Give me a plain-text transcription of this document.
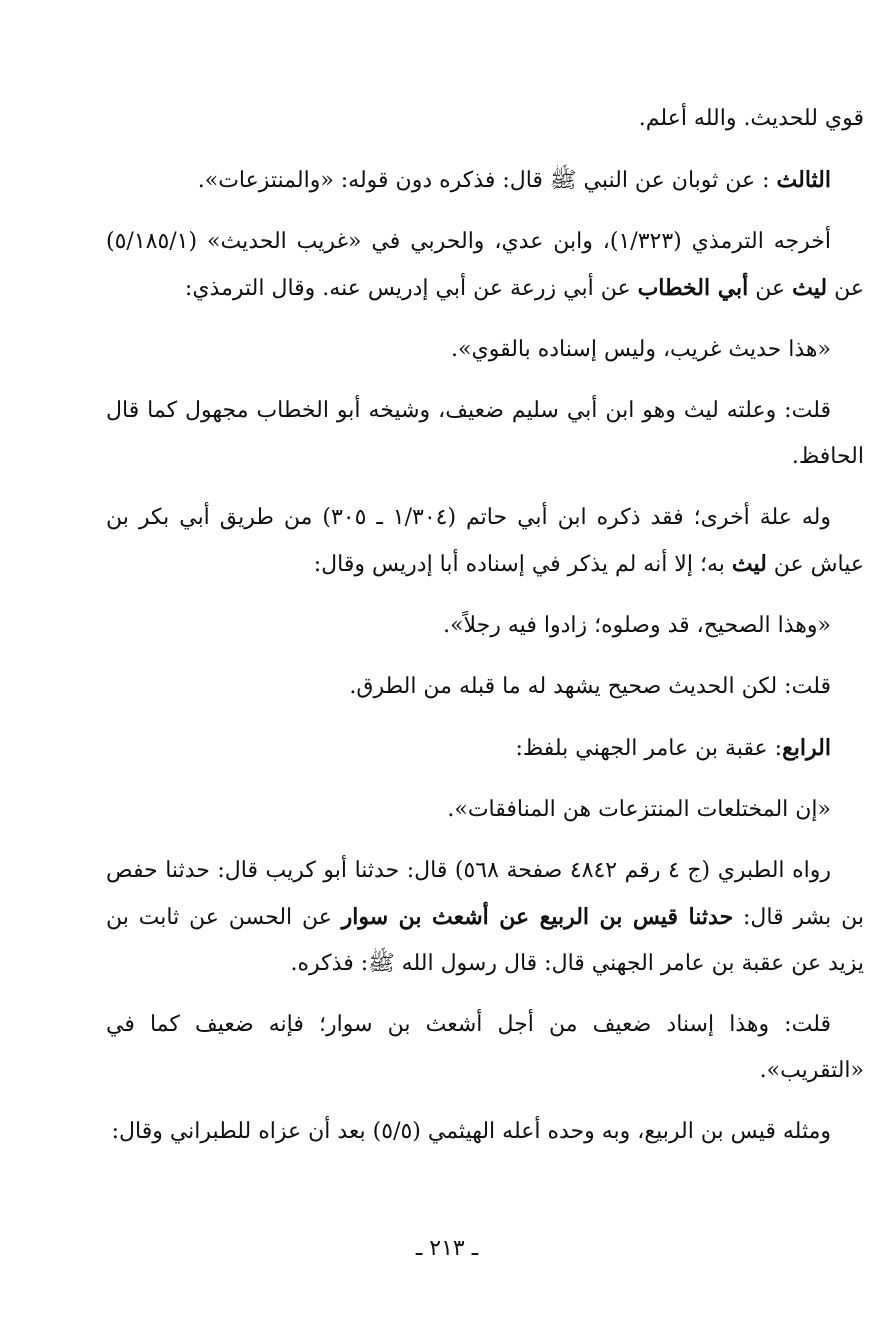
قوي للحديث. والله أعلم.

الثالث : عن ثوبان عن النبي ﷺ قال: فذكره دون قوله: «والمنتزعات».

أخرجه الترمذي (١/٣٢٣)، وابن عدي، والحربي في «غريب الحديث» (٥/١٨٥/١) عن ليث عن أبي الخطاب عن أبي زرعة عن أبي إدريس عنه. وقال الترمذي:

«هذا حديث غريب، وليس إسناده بالقوي».

قلت: وعلته ليث وهو ابن أبي سليم ضعيف، وشيخه أبو الخطاب مجهول كما قال الحافظ.

وله علة أخرى؛ فقد ذكره ابن أبي حاتم (١/٣٠٤ ـ ٣٠٥) من طريق أبي بكر بن عياش عن ليث به؛ إلا أنه لم يذكر في إسناده أبا إدريس وقال:

«وهذا الصحيح، قد وصلوه؛ زادوا فيه رجلاً».

قلت: لكن الحديث صحيح يشهد له ما قبله من الطرق.

الرابع: عقبة بن عامر الجهني بلفظ:

«إن المختلعات المنتزعات هن المنافقات».

رواه الطبري (ج ٤ رقم ٤٨٤٢ صفحة ٥٦٨) قال: حدثنا أبو كريب قال: حدثنا حفص بن بشر قال: حدثنا قيس بن الربيع عن أشعث بن سوار عن الحسن عن ثابت بن يزيد عن عقبة بن عامر الجهني قال: قال رسول الله ﷺ: فذكره.

قلت: وهذا إسناد ضعيف من أجل أشعث بن سوار؛ فإنه ضعيف كما في «التقريب».

ومثله قيس بن الربيع، وبه وحده أعله الهيثمي (٥/٥) بعد أن عزاه للطبراني وقال:

ـ ٢١٣ ـ
